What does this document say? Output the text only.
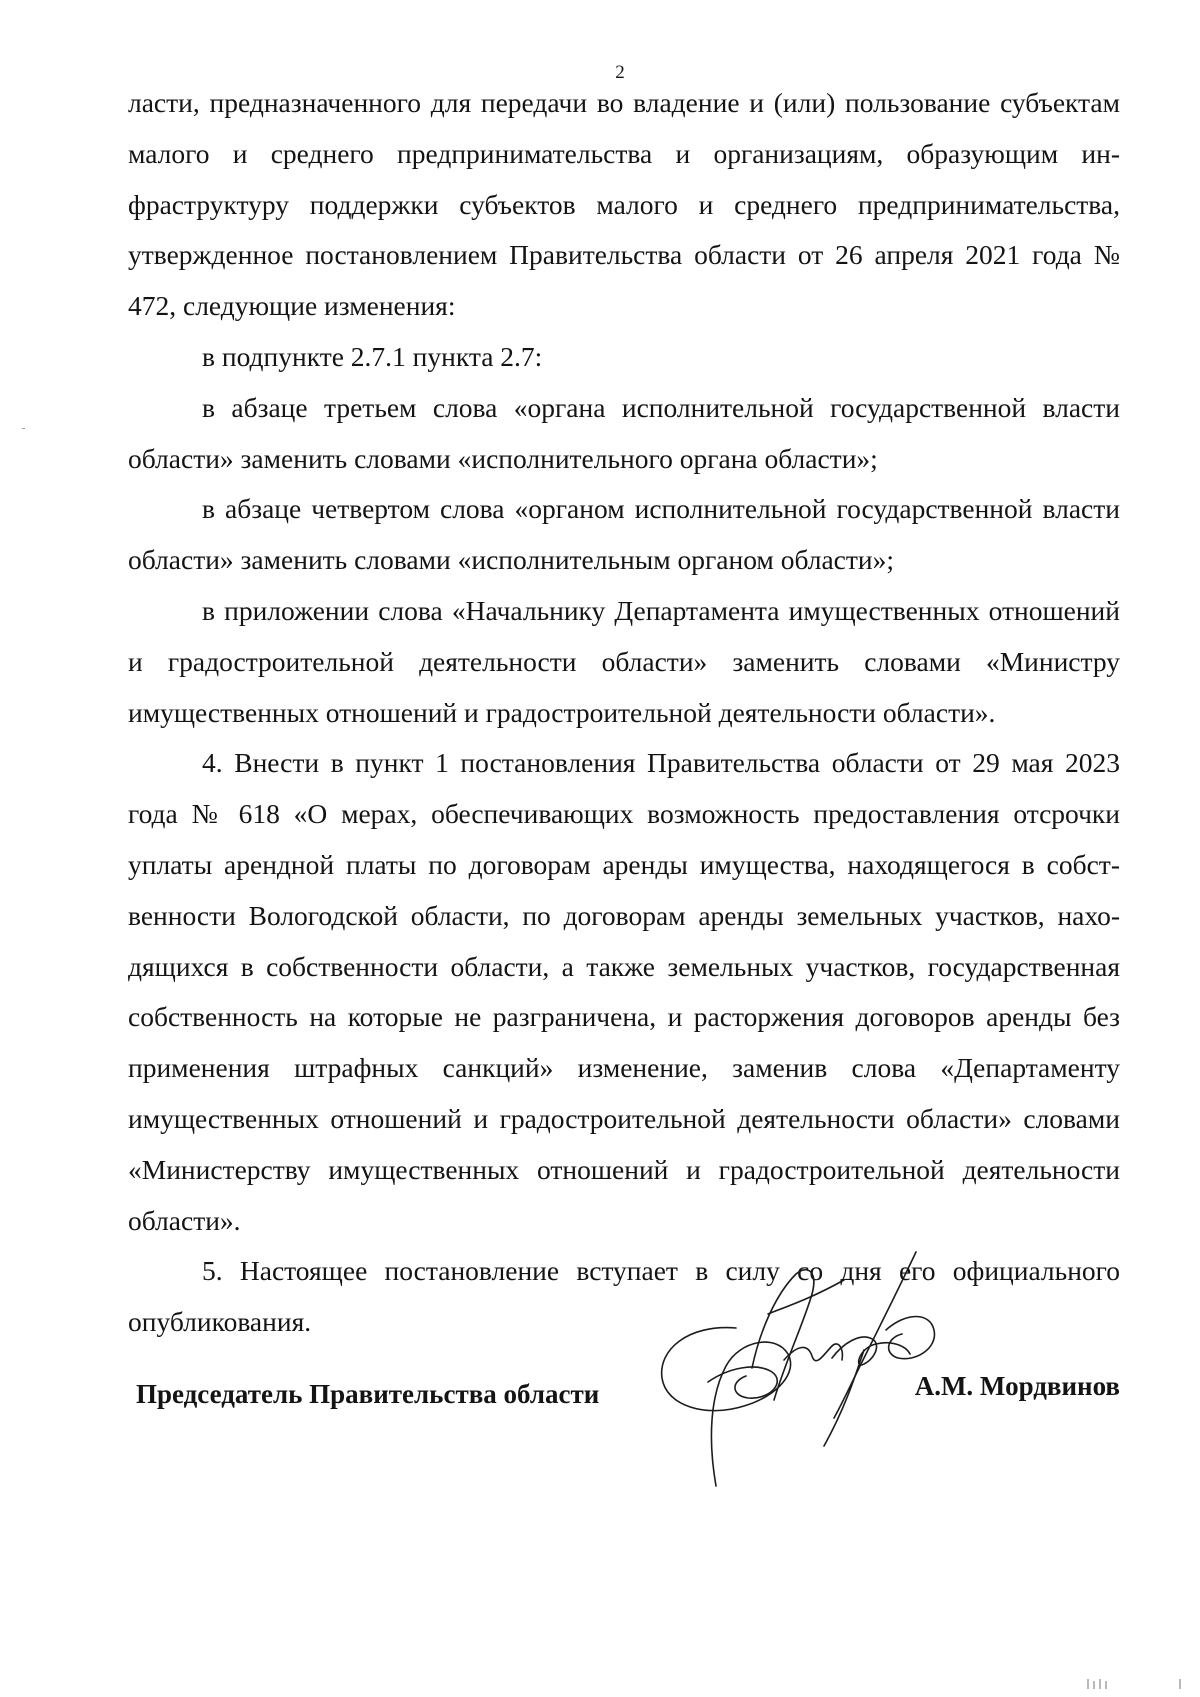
2

ласти, предназначенного для передачи во владение и (или) пользование субъектам малого и среднего предпринимательства и организациям, образующим инфраструктуру поддержки субъектов малого и среднего предпринимательства, утвержденное постановлением Правительства области от 26 апреля 2021 года № 472, следующие изменения:

в подпункте 2.7.1 пункта 2.7:

в абзаце третьем слова «органа исполнительной государственной власти области» заменить словами «исполнительного органа области»;

в абзаце четвертом слова «органом исполнительной государственной власти области» заменить словами «исполнительным органом области»;

в приложении слова «Начальнику Департамента имущественных отношений и градостроительной деятельности области» заменить словами «Министру имущественных отношений и градостроительной деятельности области».

4. Внести в пункт 1 постановления Правительства области от 29 мая 2023 года № 618 «О мерах, обеспечивающих возможность предоставления отсрочки уплаты арендной платы по договорам аренды имущества, находящегося в собственности Вологодской области, по договорам аренды земельных участков, находящихся в собственности области, а также земельных участков, государственная собственность на которые не разграничена, и расторжения договоров аренды без применения штрафных санкций» изменение, заменив слова «Департаменту имущественных отношений и градостроительной деятельности области» словами «Министерству имущественных отношений и градостроительной деятельности области».

5. Настоящее постановление вступает в силу со дня его официального опубликования.

Председатель Правительства области	А.М. Мордвинов
